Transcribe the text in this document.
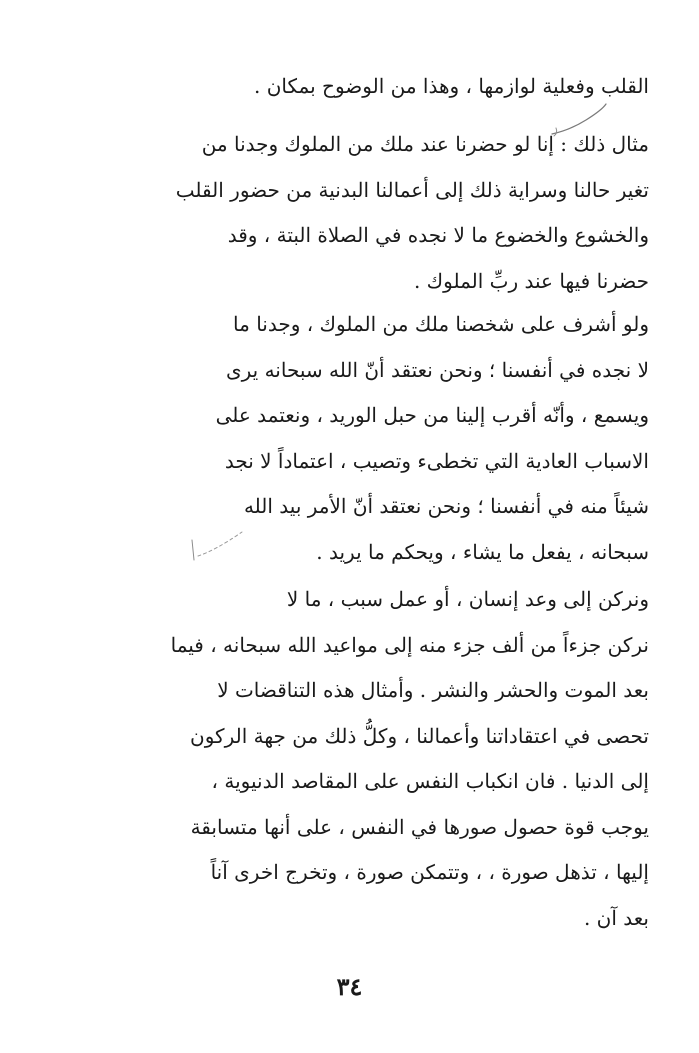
القلب وفعلية لوازمها ، وهذا من الوضوح بمكان .
مثال ذلك : إنا لو حضرنا عند ملك من الملوك وجدنا من
تغير حالنا وسراية ذلك إلى أعمالنا البدنية من حضور القلب
والخشوع والخضوع ما لا نجده في الصلاة البتة ، وقد
حضرنا فيها عند ربِّ الملوك .
ولو أشرف على شخصنا ملك من الملوك ، وجدنا ما
لا نجده في أنفسنا ؛ ونحن نعتقد أنّ الله سبحانه يرى
ويسمع ، وأنّه أقرب إلينا من حبل الوريد ، ونعتمد على
الاسباب العادية التي تخطىء وتصيب ، اعتماداً لا نجد
شيئاً منه في أنفسنا ؛ ونحن نعتقد أنّ الأمر بيد الله
سبحانه ، يفعل ما يشاء ، ويحكم ما يريد .
ونركن إلى وعد إنسان ، أو عمل سبب ، ما لا
نركن جزءاً من ألف جزء منه إلى مواعيد الله سبحانه ، فيما
بعد الموت والحشر والنشر . وأمثال هذه التناقضات لا
تحصى في اعتقاداتنا وأعمالنا ، وكلُّ ذلك من جهة الركون
إلى الدنيا . فان انكباب النفس على المقاصد الدنيوية ،
يوجب قوة حصول صورها في النفس ، على أنها متسابقة
إليها ، تذهل صورة ، ، وتتمكن صورة ، وتخرج اخرى آناً
بعد آن .
٣٤
